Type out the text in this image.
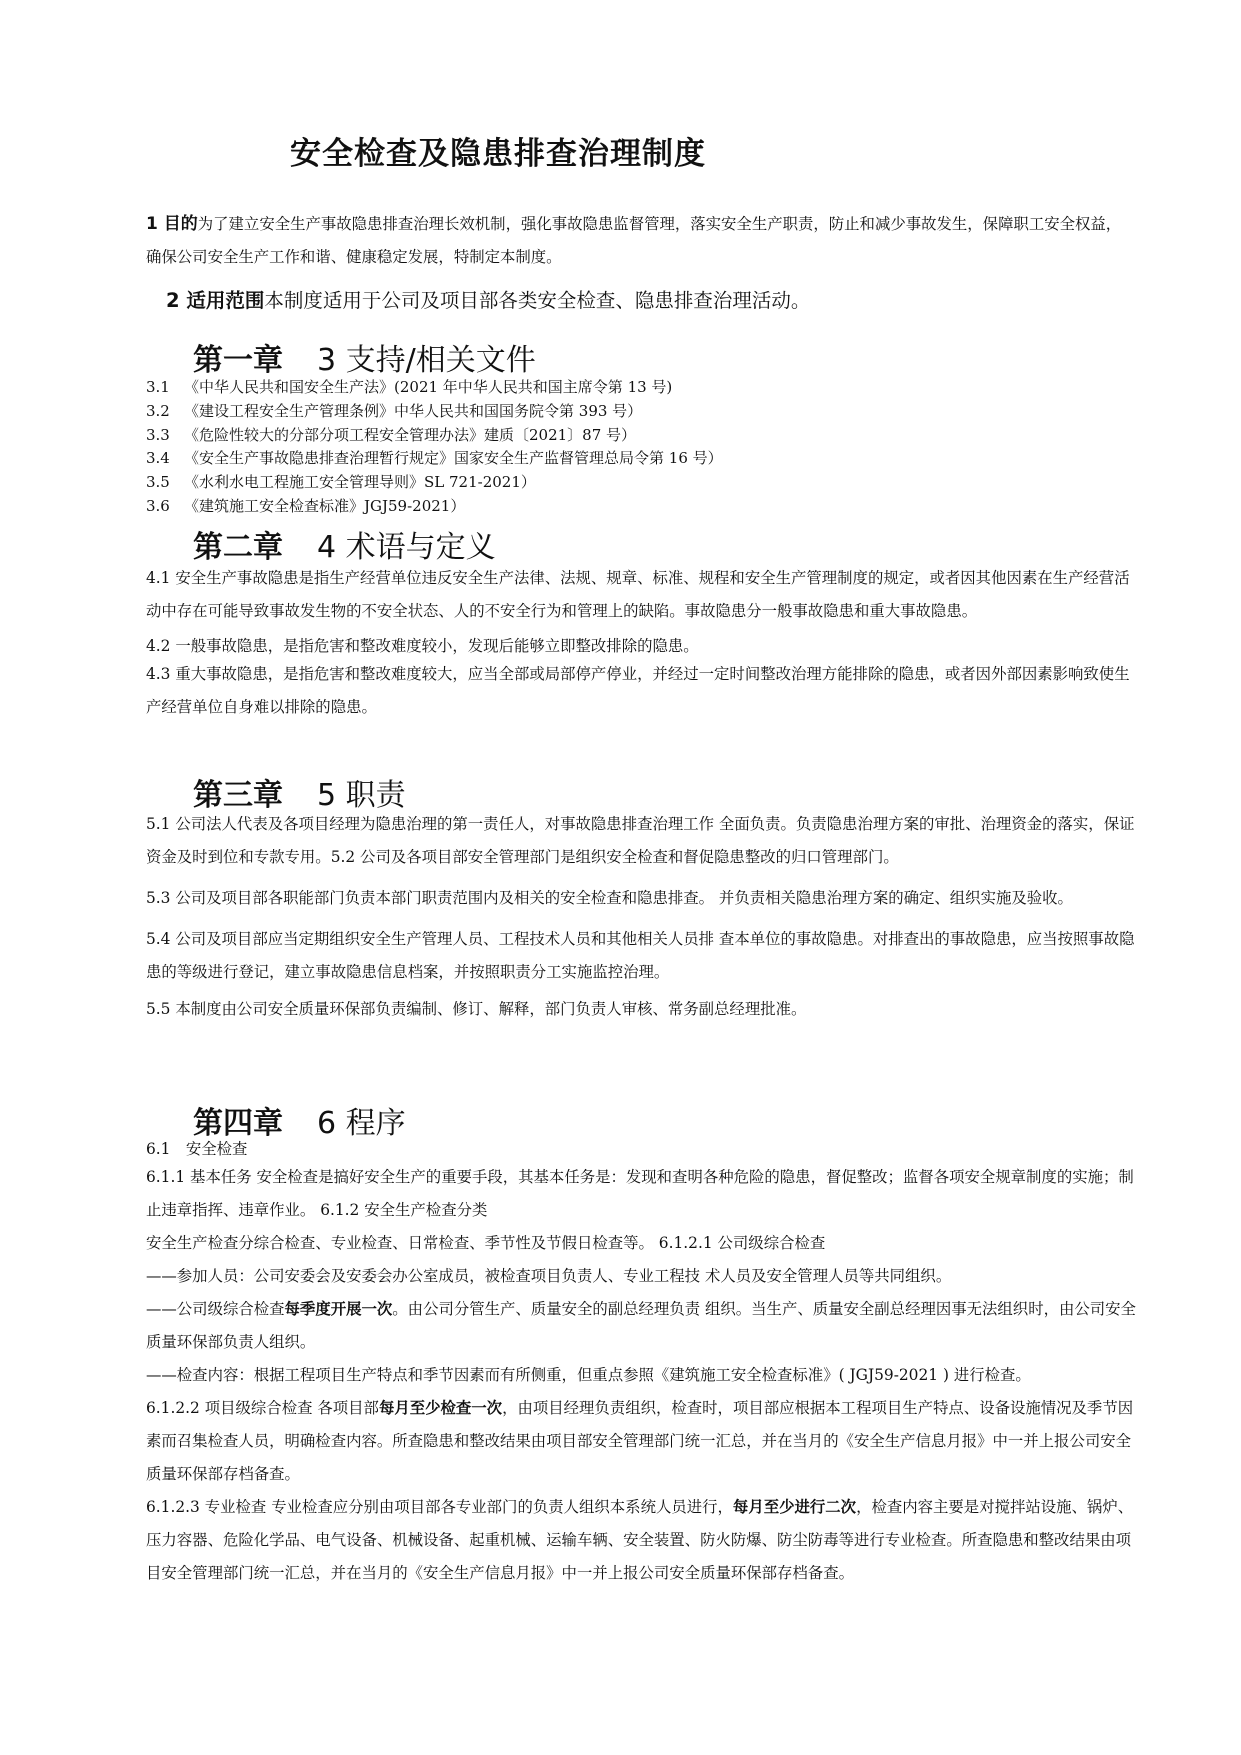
安全检查及隐患排查治理制度

1 目的为了建立安全生产事故隐患排查治理长效机制，强化事故隐患监督管理，落实安全生产职责，防止和减少事故发生，保障职工安全权益，确保公司安全生产工作和谐、健康稳定发展，特制定本制度。

2 适用范围本制度适用于公司及项目部各类安全检查、隐患排查治理活动。
第一章 3 支持/相关文件
3.1 《中华人民共和国安全生产法》(2021 年中华人民共和国主席令第 13 号)
3.2 《建设工程安全生产管理条例》中华人民共和国国务院令第 393 号）
3.3 《危险性较大的分部分项工程安全管理办法》建质〔2021〕87 号）
3.4 《安全生产事故隐患排查治理暂行规定》国家安全生产监督管理总局令第 16 号）
3.5 《水利水电工程施工安全管理导则》SL 721-2021）
3.6 《建筑施工安全检查标准》JGJ59-2021）
第二章 4 术语与定义

4.1 安全生产事故隐患是指生产经营单位违反安全生产法律、法规、规章、标准、规程和安全生产管理制度的规定，或者因其他因素在生产经营活动中存在可能导致事故发生物的不安全状态、人的不安全行为和管理上的缺陷。事故隐患分一般事故隐患和重大事故隐患。

4.2 一般事故隐患，是指危害和整改难度较小，发现后能够立即整改排除的隐患。

4.3 重大事故隐患，是指危害和整改难度较大，应当全部或局部停产停业，并经过一定时间整改治理方能排除的隐患，或者因外部因素影响致使生产经营单位自身难以排除的隐患。

第三章 5 职责

5.1 公司法人代表及各项目经理为隐患治理的第一责任人，对事故隐患排查治理工作 全面负责。负责隐患治理方案的审批、治理资金的落实，保证资金及时到位和专款专用。5.2 公司及各项目部安全管理部门是组织安全检查和督促隐患整改的归口管理部门。

5.3 公司及项目部各职能部门负责本部门职责范围内及相关的安全检查和隐患排查。 并负责相关隐患治理方案的确定、组织实施及验收。

5.4 公司及项目部应当定期组织安全生产管理人员、工程技术人员和其他相关人员排 查本单位的事故隐患。对排查出的事故隐患，应当按照事故隐患的等级进行登记，建立事故隐患信息档案，并按照职责分工实施监控治理。

5.5 本制度由公司安全质量环保部负责编制、修订、解释，部门负责人审核、常务副总经理批准。

第四章 6 程序

6.1　安全检查

6.1.1 基本任务 安全检查是搞好安全生产的重要手段，其基本任务是：发现和查明各种危险的隐患，督促整改；监督各项安全规章制度的实施；制止违章指挥、违章作业。 6.1.2 安全生产检查分类

安全生产检查分综合检查、专业检查、日常检查、季节性及节假日检查等。 6.1.2.1 公司级综合检查

——参加人员：公司安委会及安委会办公室成员，被检查项目负责人、专业工程技 术人员及安全管理人员等共同组织。

——公司级综合检查每季度开展一次。由公司分管生产、质量安全的副总经理负责 组织。当生产、质量安全副总经理因事无法组织时，由公司安全质量环保部负责人组织。

——检查内容：根据工程项目生产特点和季节因素而有所侧重，但重点参照《建筑施工安全检查标准》( JGJ59-2021 ) 进行检查。

6.1.2.2 项目级综合检查 各项目部每月至少检查一次，由项目经理负责组织，检查时，项目部应根据本工程项目生产特点、设备设施情况及季节因素而召集检查人员，明确检查内容。所查隐患和整改结果由项目部安全管理部门统一汇总，并在当月的《安全生产信息月报》中一并上报公司安全质量环保部存档备查。

6.1.2.3 专业检查 专业检查应分别由项目部各专业部门的负责人组织本系统人员进行，每月至少进行二次，检查内容主要是对搅拌站设施、锅炉、压力容器、危险化学品、电气设备、机械设备、起重机械、运输车辆、安全装置、防火防爆、防尘防毒等进行专业检查。所查隐患和整改结果由项目安全管理部门统一汇总，并在当月的《安全生产信息月报》中一并上报公司安全质量环保部存档备查。
